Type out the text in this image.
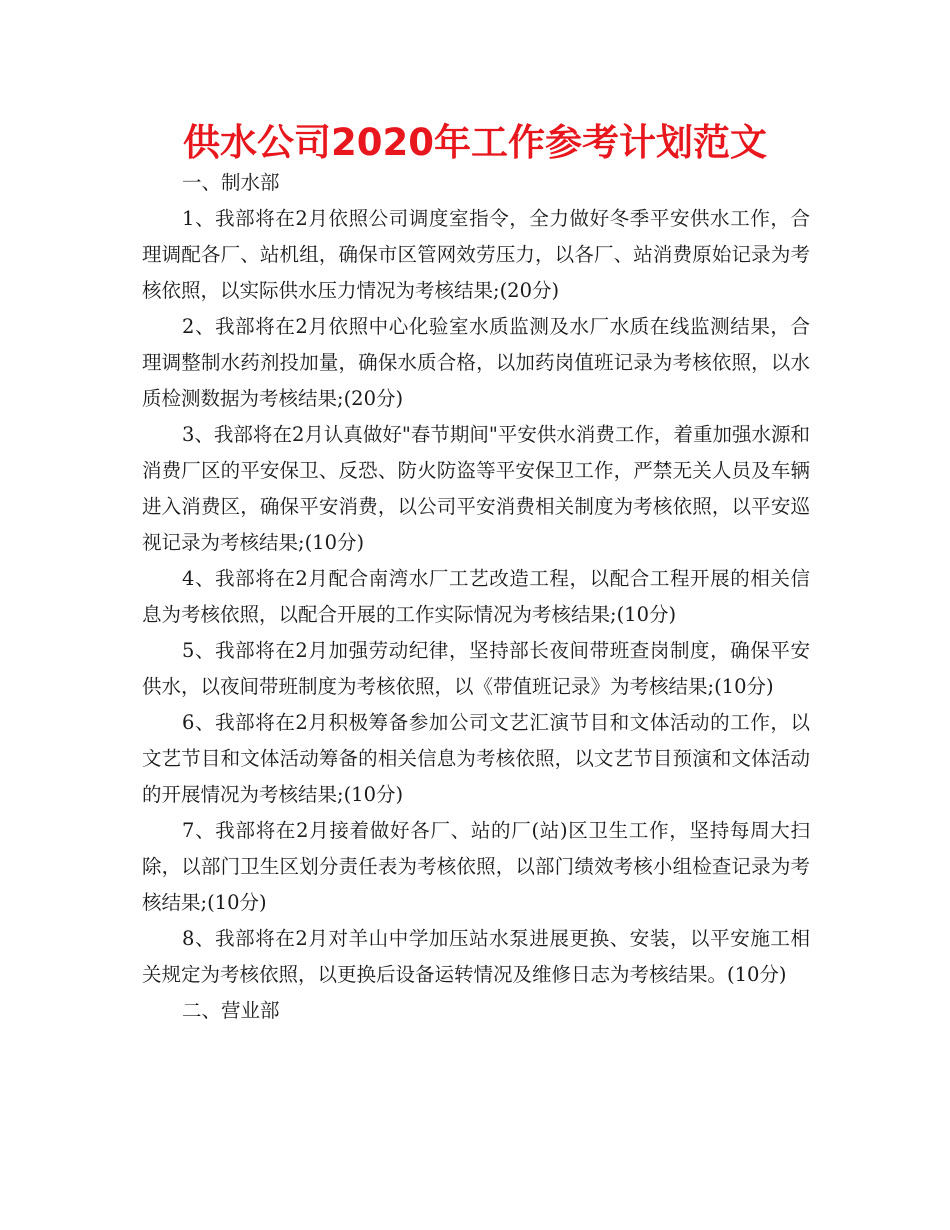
供水公司2020年工作参考计划范文

一、制水部

1、我部将在2月依照公司调度室指令，全力做好冬季平安供水工作，合理调配各厂、站机组，确保市区管网效劳压力，以各厂、站消费原始记录为考核依照，以实际供水压力情况为考核结果;(20分)

2、我部将在2月依照中心化验室水质监测及水厂水质在线监测结果，合理调整制水药剂投加量，确保水质合格，以加药岗值班记录为考核依照，以水质检测数据为考核结果;(20分)

3、我部将在2月认真做好"春节期间"平安供水消费工作，着重加强水源和消费厂区的平安保卫、反恐、防火防盗等平安保卫工作，严禁无关人员及车辆进入消费区，确保平安消费，以公司平安消费相关制度为考核依照，以平安巡视记录为考核结果;(10分)

4、我部将在2月配合南湾水厂工艺改造工程，以配合工程开展的相关信息为考核依照，以配合开展的工作实际情况为考核结果;(10分)

5、我部将在2月加强劳动纪律，坚持部长夜间带班查岗制度，确保平安供水，以夜间带班制度为考核依照，以《带值班记录》为考核结果;(10分)

6、我部将在2月积极筹备参加公司文艺汇演节目和文体活动的工作，以文艺节目和文体活动筹备的相关信息为考核依照，以文艺节目预演和文体活动的开展情况为考核结果;(10分)

7、我部将在2月接着做好各厂、站的厂(站)区卫生工作，坚持每周大扫除，以部门卫生区划分责任表为考核依照，以部门绩效考核小组检查记录为考核结果;(10分)

8、我部将在2月对羊山中学加压站水泵进展更换、安装，以平安施工相关规定为考核依照，以更换后设备运转情况及维修日志为考核结果。(10分)

二、营业部
